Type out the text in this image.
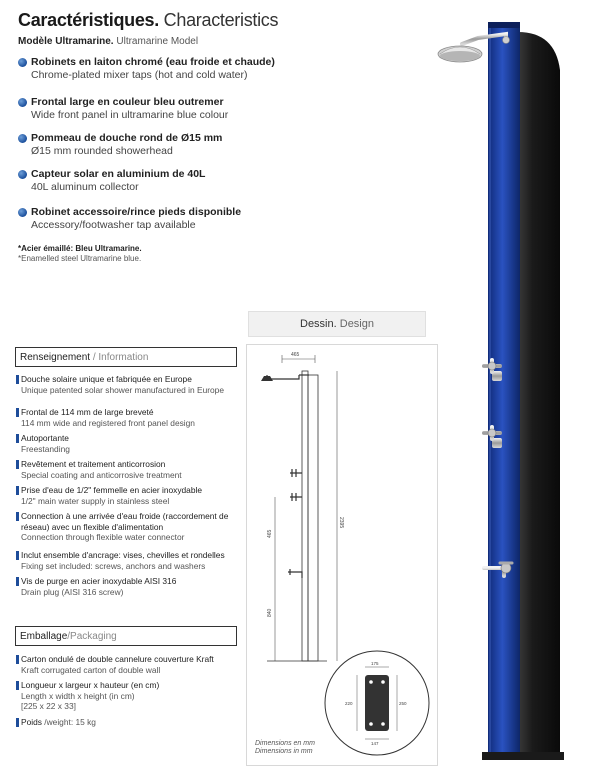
Caractéristiques. Characteristics
Modèle Ultramarine. Ultramarine Model
Robinets en laiton chromé (eau froide et chaude)
Chrome-plated mixer taps (hot and cold water)
Frontal large en couleur bleu outremer
Wide front panel in ultramarine blue colour
Pommeau de douche rond de Ø15 mm
Ø15 mm rounded showerhead
Capteur solar en aluminium de 40L
40L aluminum collector
Robinet accessoire/rince pieds disponible
Accessory/footwasher tap available
*Acier émaillé: Bleu Ultramarine.
*Enamelled steel Ultramarine blue.
Dessin. Design
Renseignement / Information
Douche solaire unique et fabriquée en Europe
Unique patented solar shower manufactured in Europe
Frontal de 114 mm de large breveté
114 mm wide and registered front panel design
Autoportante
Freestanding
Revêtement et traitement anticorrosion
Special coating and anticorrosive treatment
Prise d'eau de 1/2" femmelle en acier inoxydable
1/2" main water supply in stainless steel
Connection à une arrivée d'eau froide (raccordement de réseau) avec un flexible d'alimentation
Connection through flexible water connector
Inclut ensemble d'ancrage: vises, chevilles et rondelles
Fixing set included: screws, anchors and washers
Vis de purge en acier inoxydable AISI 316
Drain plug (AISI 316 screw)
Emballage/Packaging
Carton ondulé de double cannelure couverture Kraft
Kraft corrugated carton of double wall
Longueur x largeur x hauteur (en cm)
Length x width x height (in cm)
[225 x 22 x 33]
Poids /weight: 15 kg
465
2395
465
840
175
220	250
147
Dimensions en mm
Dimensions in mm
